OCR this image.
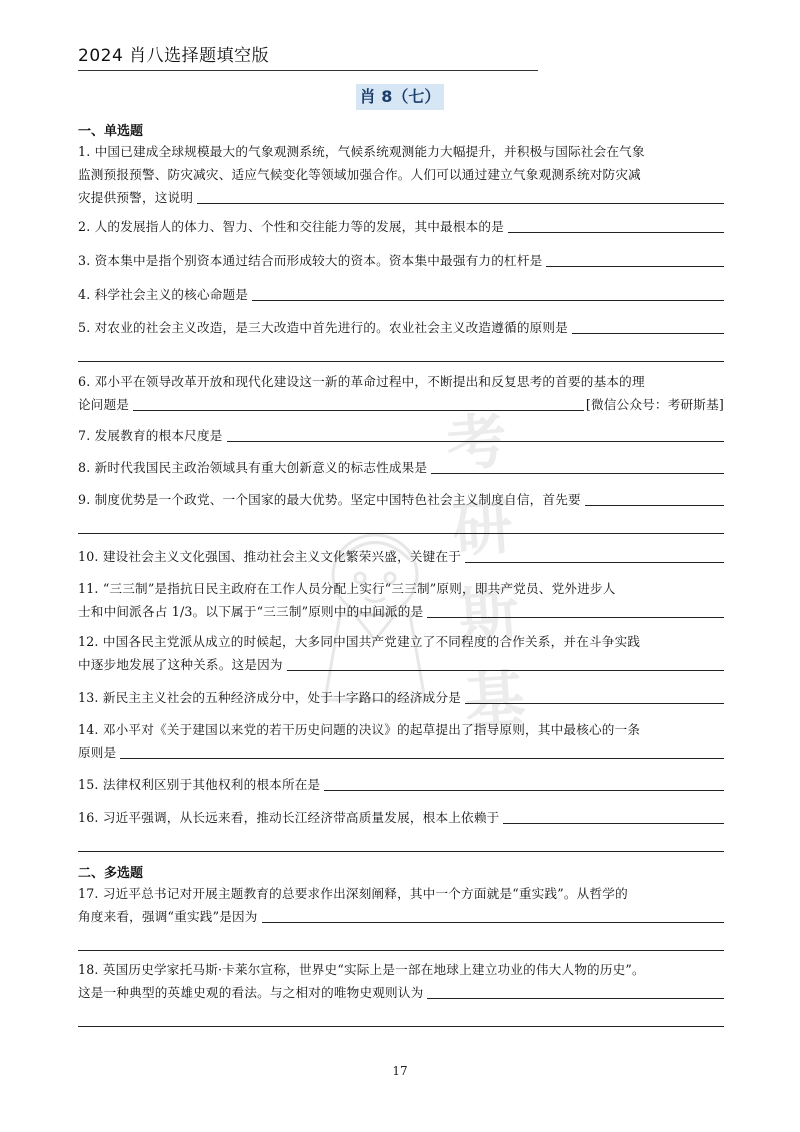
2024 肖八选择题填空版
肖 8（七）
一、单选题
考
研
斯
基
1. 中国已建成全球规模最大的气象观测系统，气候系统观测能力大幅提升，并积极与国际社会在气象
监测预报预警、防灾减灾、适应气候变化等领域加强合作。人们可以通过建立气象观测系统对防灾减
灾提供预警，这说明
2. 人的发展指人的体力、智力、个性和交往能力等的发展，其中最根本的是
3. 资本集中是指个别资本通过结合而形成较大的资本。资本集中最强有力的杠杆是
4. 科学社会主义的核心命题是
5. 对农业的社会主义改造，是三大改造中首先进行的。农业社会主义改造遵循的原则是
6. 邓小平在领导改革开放和现代化建设这一新的革命过程中，不断提出和反复思考的首要的基本的理
论问题是	[微信公众号：考研斯基]
7. 发展教育的根本尺度是
8. 新时代我国民主政治领域具有重大创新意义的标志性成果是
9. 制度优势是一个政党、一个国家的最大优势。坚定中国特色社会主义制度自信，首先要
10. 建设社会主义文化强国、推动社会主义文化繁荣兴盛，关键在于
11. “三三制”是指抗日民主政府在工作人员分配上实行“三三制”原则，即共产党员、党外进步人
士和中间派各占 1/3。以下属于“三三制”原则中的中间派的是
12. 中国各民主党派从成立的时候起，大多同中国共产党建立了不同程度的合作关系，并在斗争实践
中逐步地发展了这种关系。这是因为
13. 新民主主义社会的五种经济成分中，处于十字路口的经济成分是
14. 邓小平对《关于建国以来党的若干历史问题的决议》的起草提出了指导原则，其中最核心的一条
原则是
15. 法律权利区别于其他权利的根本所在是
16. 习近平强调，从长远来看，推动长江经济带高质量发展，根本上依赖于
二、多选题
17. 习近平总书记对开展主题教育的总要求作出深刻阐释，其中一个方面就是“重实践”。从哲学的
角度来看，强调“重实践”是因为
18. 英国历史学家托马斯·卡莱尔宣称，世界史“实际上是一部在地球上建立功业的伟大人物的历史”。
这是一种典型的英雄史观的看法。与之相对的唯物史观则认为
17
